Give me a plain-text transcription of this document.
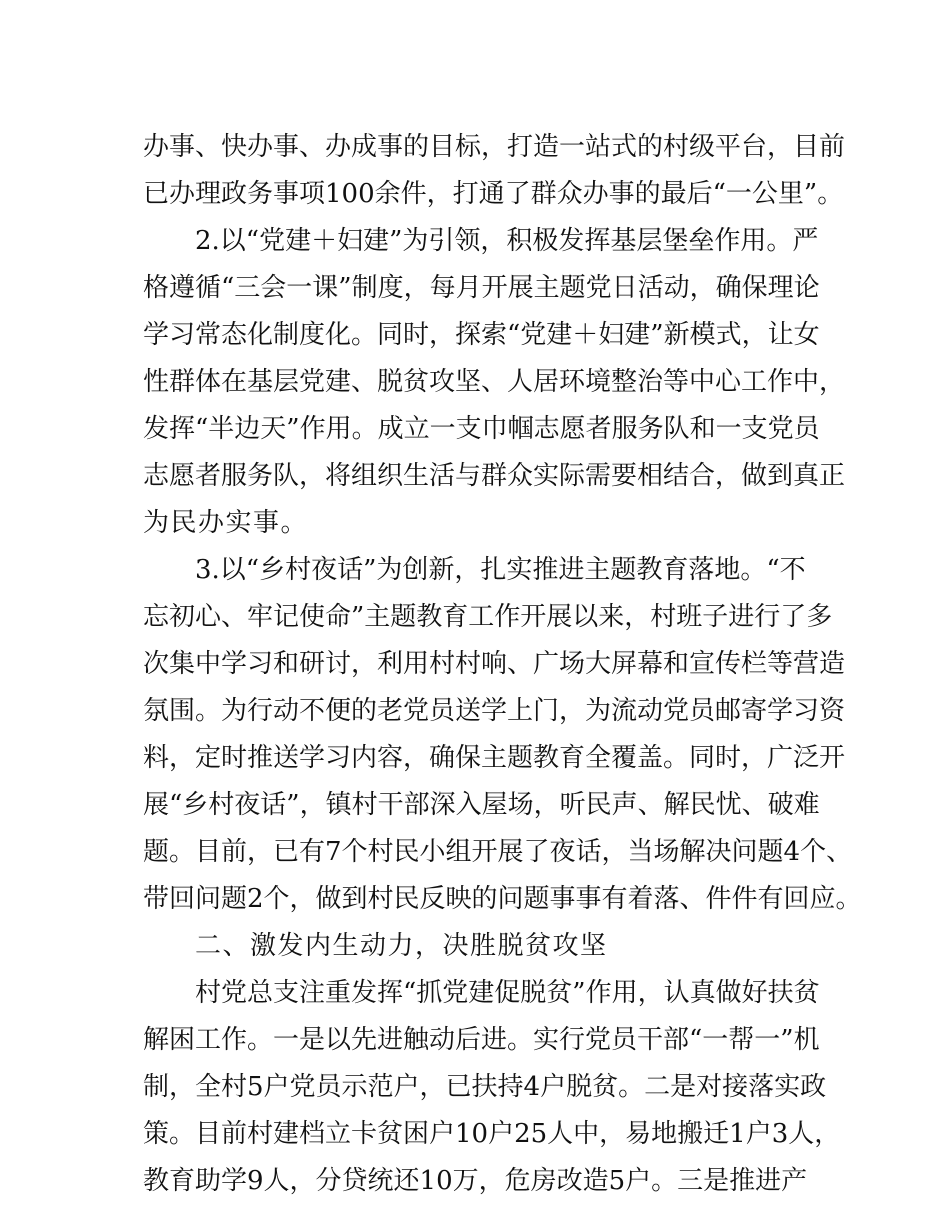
办事、快办事、办成事的目标，打造一站式的村级平台，目前
已办理政务事项100余件，打通了群众办事的最后“一公里”。
2.以“党建＋妇建”为引领，积极发挥基层堡垒作用。严
格遵循“三会一课”制度，每月开展主题党日活动，确保理论
学习常态化制度化。同时，探索“党建＋妇建”新模式，让女
性群体在基层党建、脱贫攻坚、人居环境整治等中心工作中，
发挥“半边天”作用。成立一支巾帼志愿者服务队和一支党员
志愿者服务队，将组织生活与群众实际需要相结合，做到真正
为民办实事。
3.以“乡村夜话”为创新，扎实推进主题教育落地。“不
忘初心、牢记使命”主题教育工作开展以来，村班子进行了多
次集中学习和研讨，利用村村响、广场大屏幕和宣传栏等营造
氛围。为行动不便的老党员送学上门，为流动党员邮寄学习资
料，定时推送学习内容，确保主题教育全覆盖。同时，广泛开
展“乡村夜话”，镇村干部深入屋场，听民声、解民忧、破难
题。目前，已有7个村民小组开展了夜话，当场解决问题4个、
带回问题2个，做到村民反映的问题事事有着落、件件有回应。
二、激发内生动力，决胜脱贫攻坚
村党总支注重发挥“抓党建促脱贫”作用，认真做好扶贫
解困工作。一是以先进触动后进。实行党员干部“一帮一”机
制，全村5户党员示范户，已扶持4户脱贫。二是对接落实政
策。目前村建档立卡贫困户10户25人中，易地搬迁1户3人，
教育助学9人，分贷统还10万，危房改造5户。三是推进产
